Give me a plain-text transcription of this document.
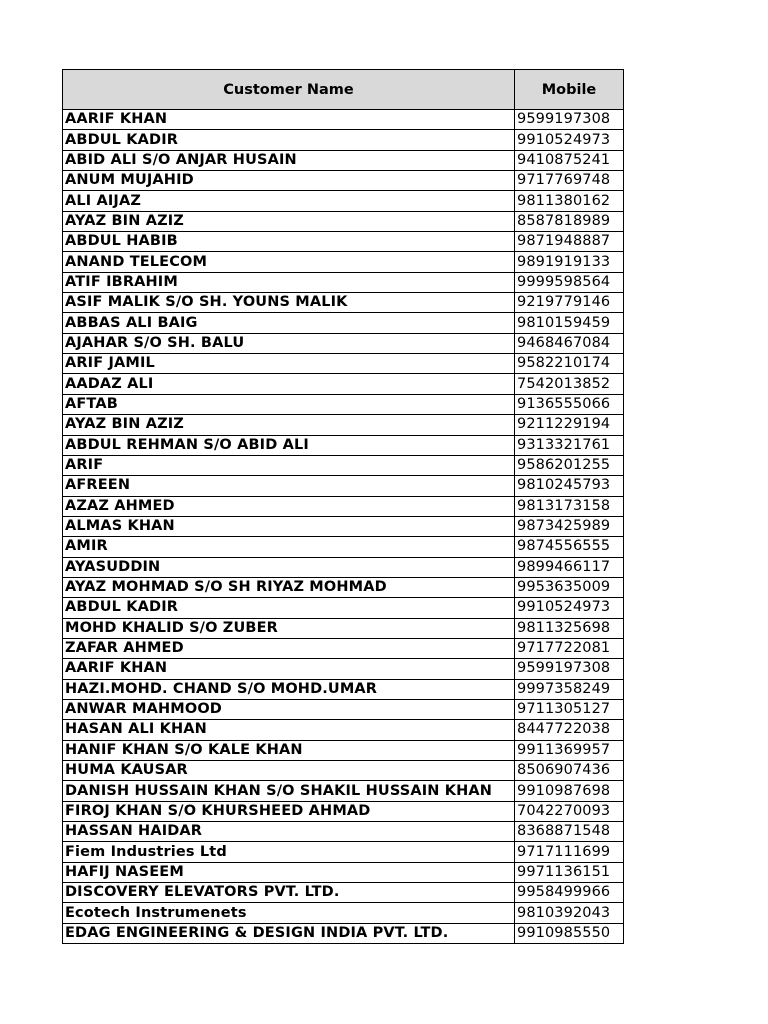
Customer Name	Mobile
AARIF KHAN	9599197308
ABDUL KADIR	9910524973
ABID ALI S/O ANJAR HUSAIN	9410875241
ANUM MUJAHID	9717769748
ALI AIJAZ	9811380162
AYAZ BIN AZIZ	8587818989
ABDUL HABIB	9871948887
ANAND TELECOM	9891919133
ATIF IBRAHIM	9999598564
ASIF MALIK S/O SH. YOUNS MALIK	9219779146
ABBAS ALI BAIG	9810159459
AJAHAR S/O SH. BALU	9468467084
ARIF JAMIL	9582210174
AADAZ ALI	7542013852
AFTAB	9136555066
AYAZ BIN AZIZ	9211229194
ABDUL REHMAN S/O ABID ALI	9313321761
ARIF	9586201255
AFREEN	9810245793
AZAZ AHMED	9813173158
ALMAS KHAN	9873425989
AMIR	9874556555
AYASUDDIN	9899466117
AYAZ MOHMAD S/O SH RIYAZ MOHMAD	9953635009
ABDUL KADIR	9910524973
MOHD KHALID S/O ZUBER	9811325698
ZAFAR AHMED	9717722081
AARIF KHAN	9599197308
HAZI.MOHD. CHAND S/O MOHD.UMAR	9997358249
ANWAR MAHMOOD	9711305127
HASAN ALI KHAN	8447722038
HANIF KHAN S/O KALE KHAN	9911369957
HUMA KAUSAR	8506907436
DANISH HUSSAIN KHAN S/O SHAKIL HUSSAIN KHAN	9910987698
FIROJ KHAN S/O KHURSHEED AHMAD	7042270093
HASSAN HAIDAR	8368871548
Fiem Industries Ltd	9717111699
HAFIJ NASEEM	9971136151
DISCOVERY ELEVATORS PVT. LTD.	9958499966
Ecotech Instrumenets	9810392043
EDAG ENGINEERING & DESIGN INDIA PVT. LTD.	9910985550
